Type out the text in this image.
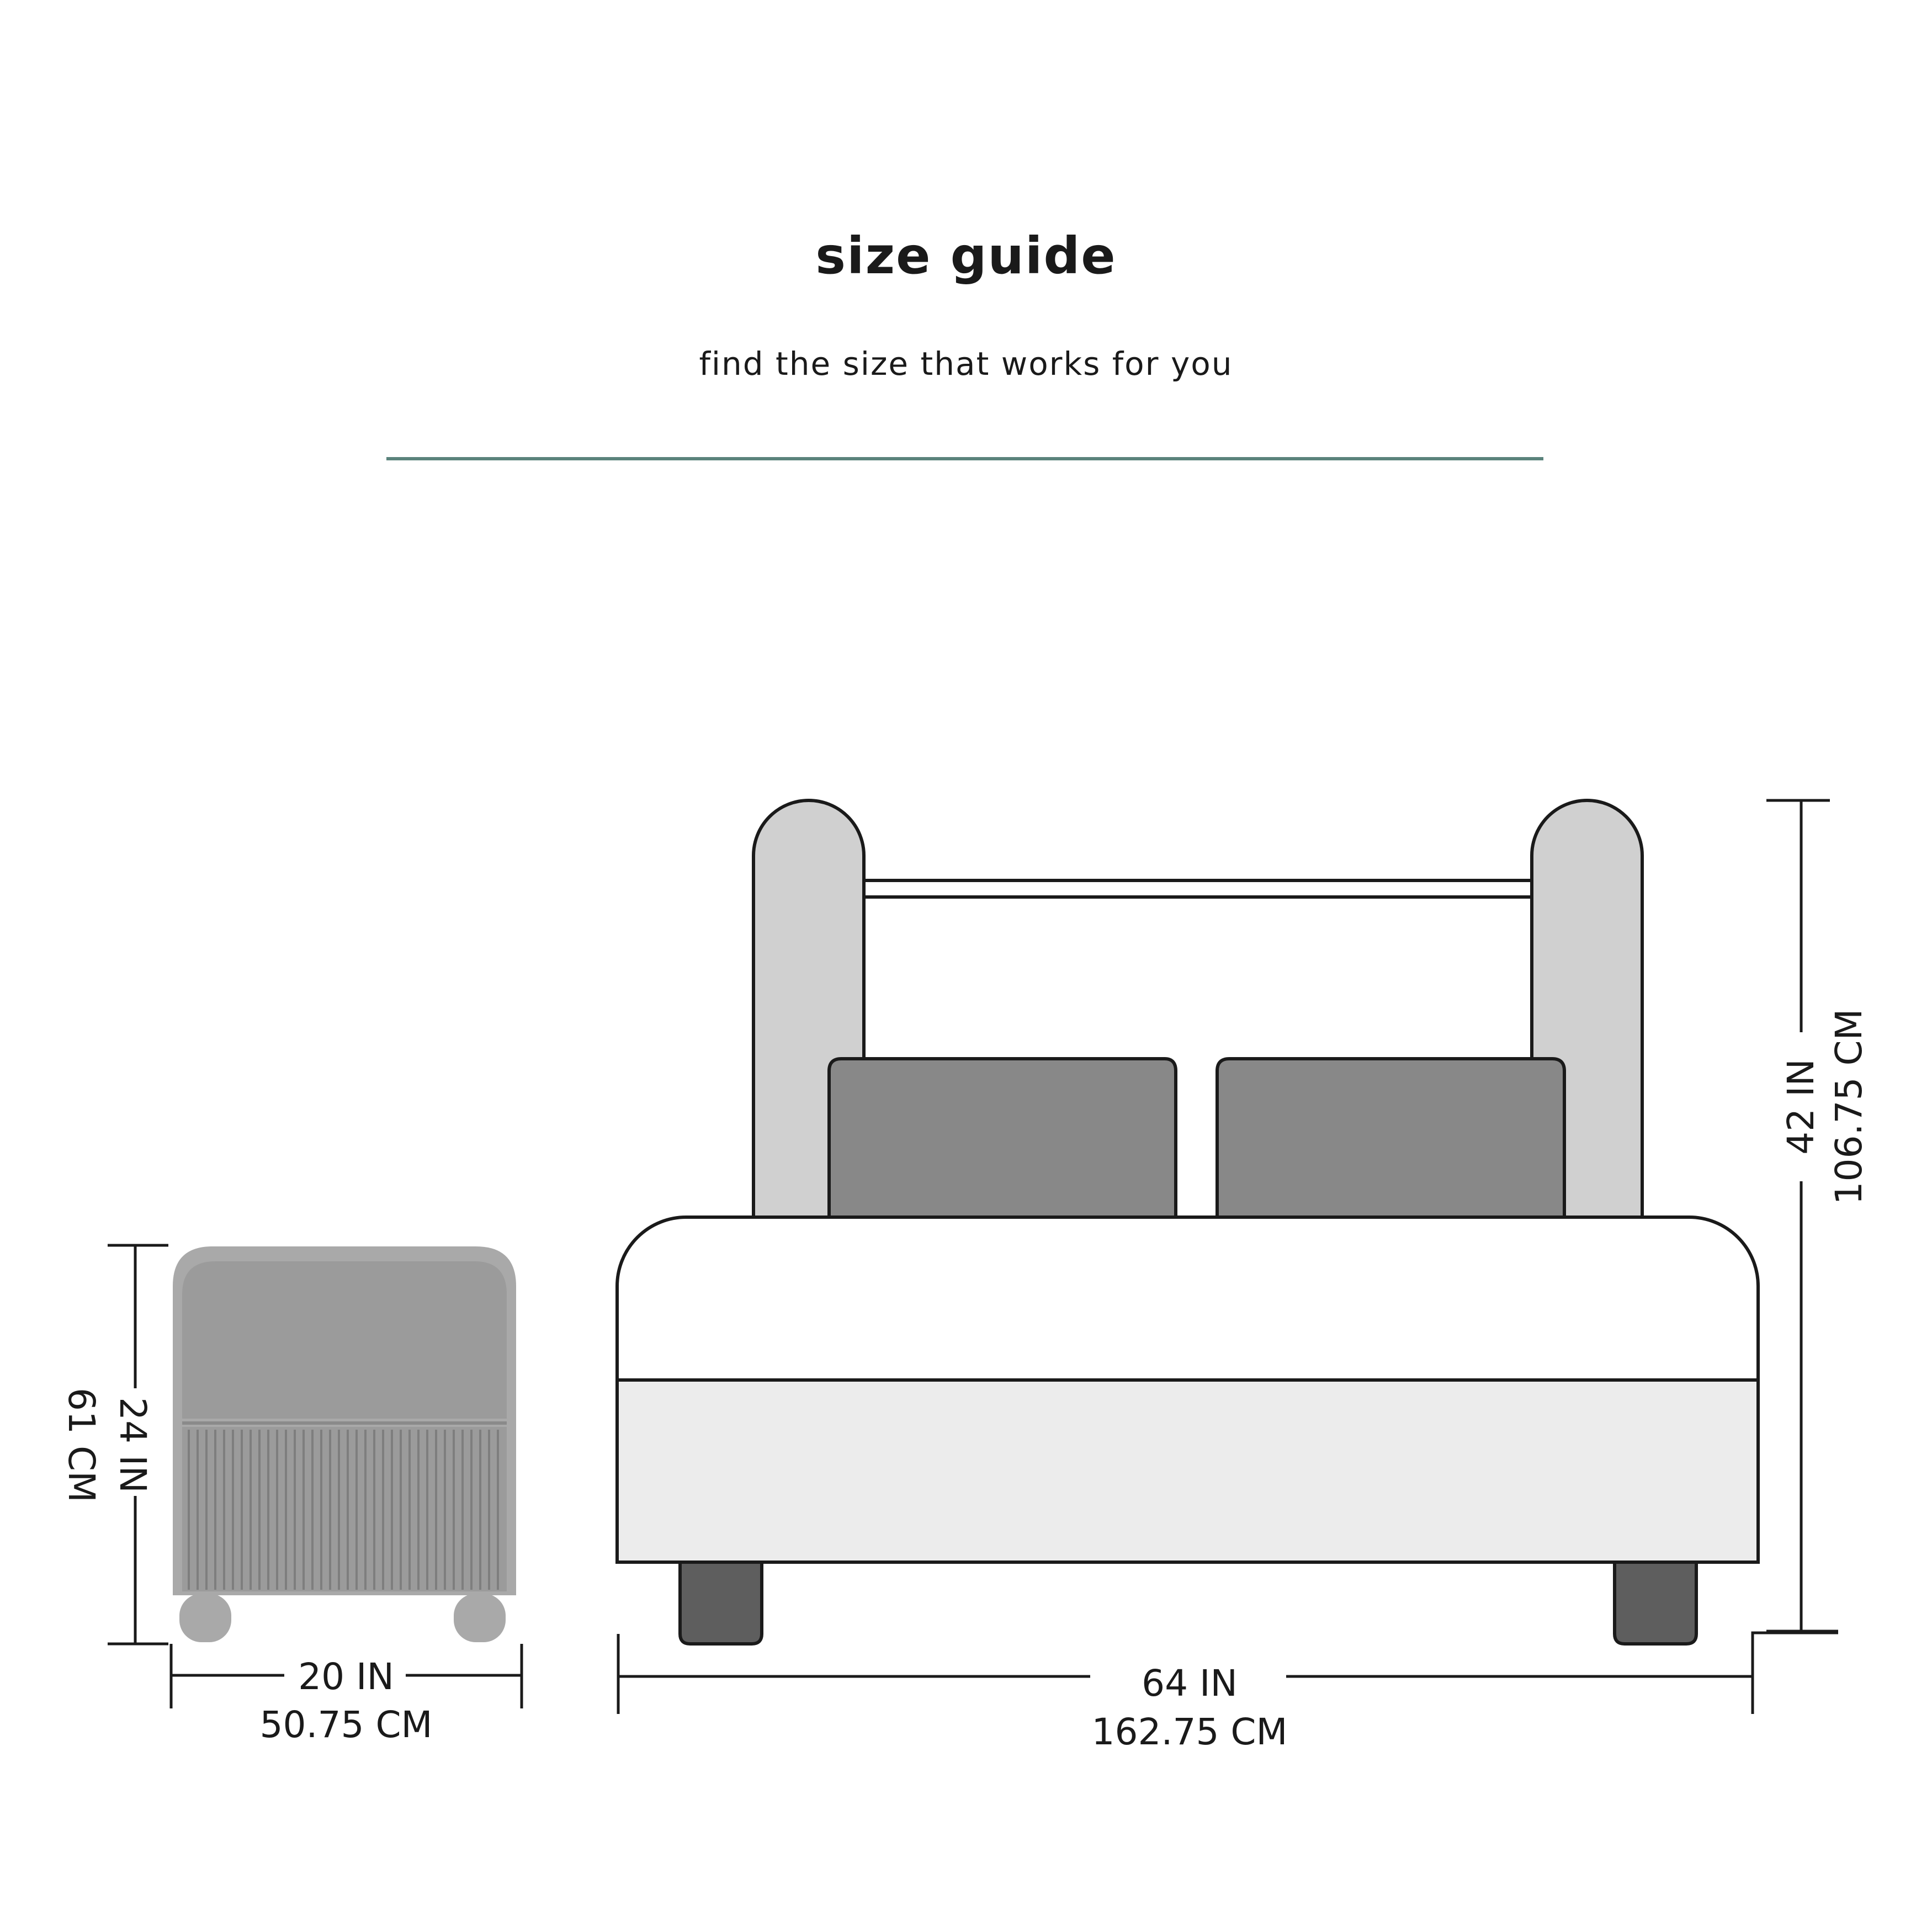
size guide
find the size that works for you
24 IN
61 CM
20 IN
50.75 CM
64 IN
162.75 CM
42 IN 106.75 CM
